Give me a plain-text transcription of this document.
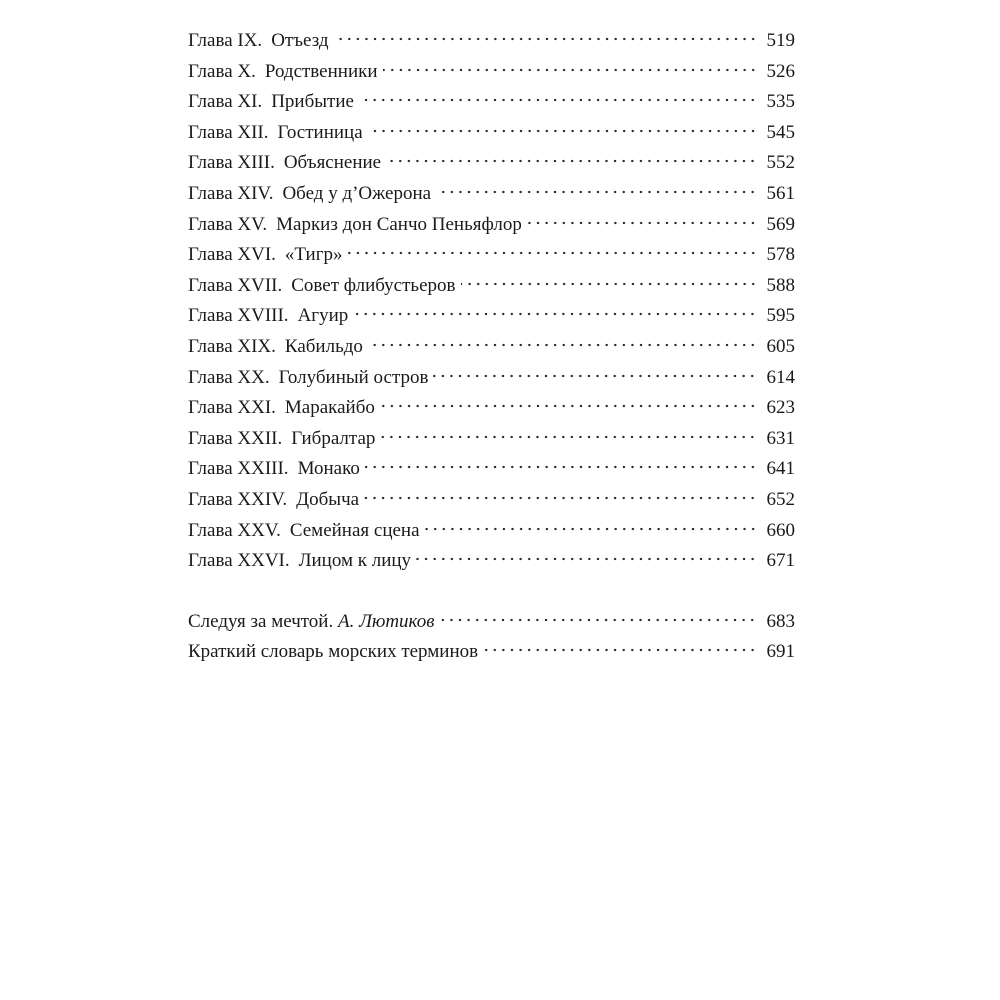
Глава IX. Отъезд	519
Глава X. Родственники	526
Глава XI. Прибытие	535
Глава XII. Гостиница	545
Глава XIII. Объяснение	552
Глава XIV. Обед у д’Ожерона	561
Глава XV. Маркиз дон Санчо Пеньяфлор	569
Глава XVI. «Тигр»	578
Глава XVII. Совет флибустьеров	588
Глава XVIII. Агуир	595
Глава XIX. Кабильдо	605
Глава XX. Голубиный остров	614
Глава XXI. Маракайбо	623
Глава XXII. Гибралтар	631
Глава XXIII. Монако	641
Глава XXIV. Добыча	652
Глава XXV. Семейная сцена	660
Глава XXVI. Лицом к лицу	671
Следуя за мечтой. А. Лютиков	683
Краткий словарь морских терминов	691
